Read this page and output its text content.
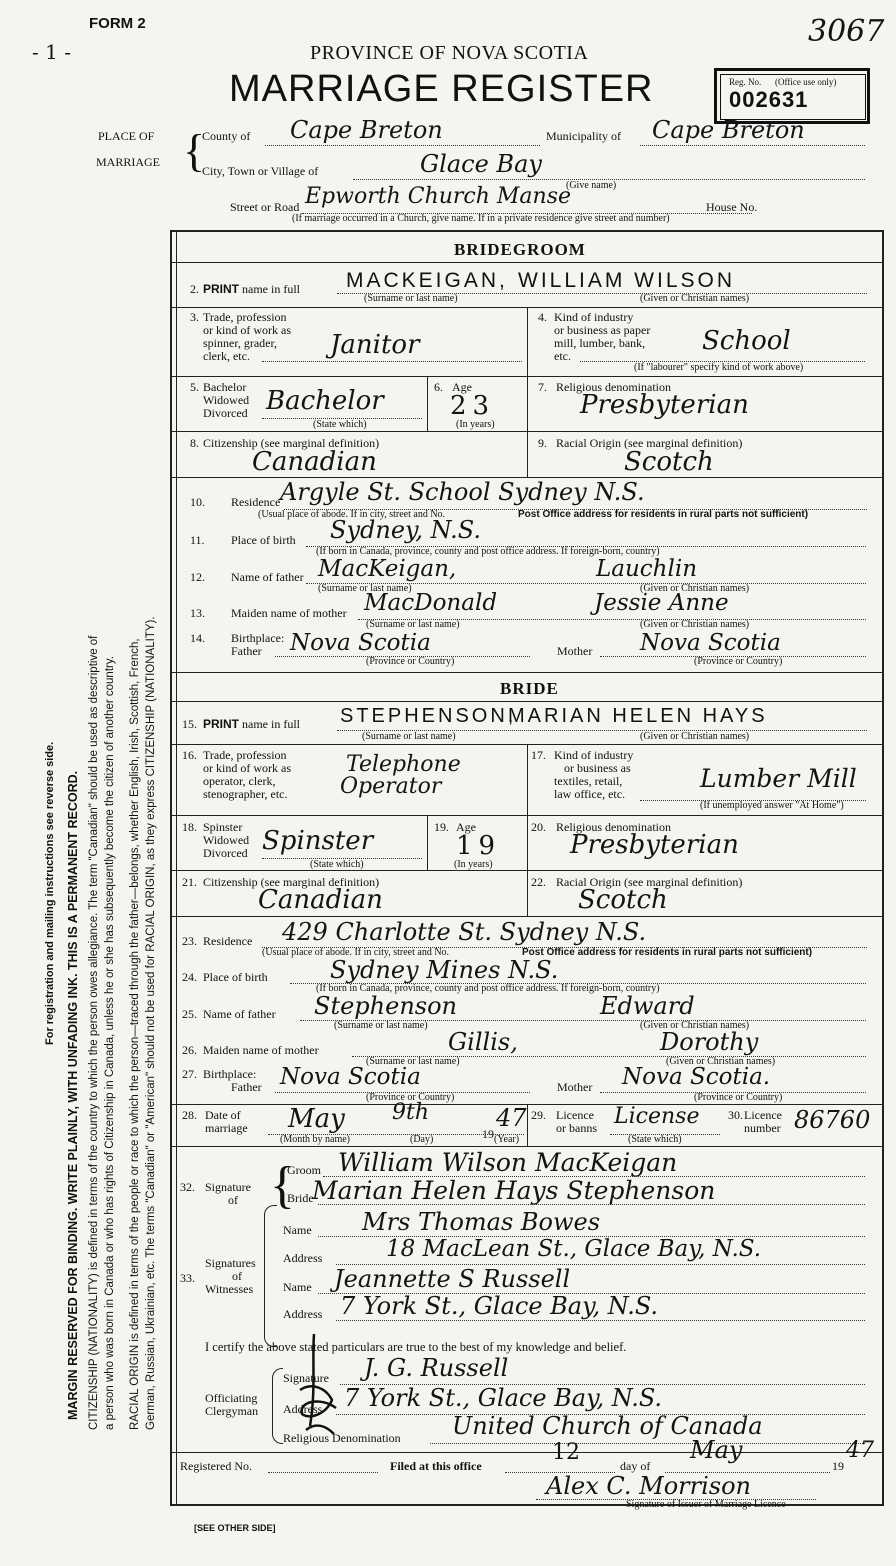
FORM 2
- 1 -
3067
PROVINCE OF NOVA SCOTIA
MARRIAGE REGISTER	Reg. No. (Office use only)
002631
PLACE OF
MARRIAGE {
County of Cape Breton	Municipality of Cape Breton
City, Town or Village of	Glace Bay
(Give name)
Street or Road Epworth Church Manse	House No.
(If marriage occurred in a Church, give name. If in a private residence give street and number)
For registration and mailing instructions see reverse side. MARGIN RESERVED FOR BINDING. WRITE PLAINLY, WITH UNFADING INK. THIS IS A PERMANENT RECORD. CITIZENSHIP (NATIONALITY) is defined in terms of the country to which the person owes allegiance. The term "Canadian" should be used as descriptive of a person who was born in Canada or who has rights of Citizenship in Canada, unless he or she has subsequently become the citizen of another country. RACIAL ORIGIN is defined in terms of the people or race to which the person—traced through the father—belongs, whether English, Irish, Scottish, French, German, Russian, Ukrainian, etc. The terms "Canadian" or "American" should not be used for RACIAL ORIGIN, as they express CITIZENSHIP (NATIONALITY).
BRIDEGROOM
2. PRINT name in full MACKEIGAN, WILLIAM WILSON
(Surname or last name)	(Given or Christian names)
3. Trade, profession
or kind of work as
spinner, grader,
clerk, etc.	Janitor
4. Kind of industry
or business as paper
mill, lumber, bank,
etc.	School
(If "labourer" specify kind of work above)
5. Bachelor
Widowed
Divorced Bachelor
(State which)
6. Age
23
(In years)
7. Religious denomination
Presbyterian
8. Citizenship (see marginal definition)
Canadian
9. Racial Origin (see marginal definition)
Scotch
10. Residence Argyle St. School Sydney N.S.
(Usual place of abode. If in city, street and No.	Post Office address for residents in rural parts not sufficient)
11. Place of birth Sydney, N.S.
(If born in Canada, province, county and post office address. If foreign-born, country)
12. Name of father MacKeigan,	Lauchlin
(Surname or last name)	(Given or Christian names)
13. Maiden name of mother MacDonald	Jessie Anne
(Surname or last name)	(Given or Christian names)
14. Birthplace:
Father Nova Scotia	Mother Nova Scotia
(Province or Country)	(Province or Country)
BRIDE
15. PRINT name in full STEPHENSON,
MARIAN HELEN HAYS
(Surname or last name)	(Given or Christian names)
16. Trade, profession
or kind of work as
operator, clerk,
stenographer, etc.
Telephone
Operator
17. Kind of industry
or business as
textiles, retail,
law office, etc.
Lumber Mill
(If unemployed answer "At Home")
18. Spinster
Widowed
Divorced Spinster
(State which)
19. Age
19
(In years)
20. Religious denomination
Presbyterian
21. Citizenship (see marginal definition)
Canadian
22. Racial Origin (see marginal definition)
Scotch
23. Residence 429 Charlotte St. Sydney N.S.
(Usual place of abode. If in city, street and No.	Post Office address for residents in rural parts not sufficient)
24. Place of birth	Sydney Mines N.S.
(If born in Canada, province, county and post office address. If foreign-born, country)
25. Name of father Stephenson	Edward
(Surname or last name)	(Given or Christian names)
26. Maiden name of mother	Gillis,	Dorothy
(Surname or last name)	(Given or Christian names)
27. Birthplace:
Father Nova Scotia	Mother Nova Scotia.
(Province or Country)	(Province or Country)
28. Date of
marriage May 9th
19
47
(Month by name)	(Day)	(Year)
29. Licence
or banns License
(State which)
30. Licence
number 86760
32. Signature
of {
Groom William Wilson MacKeigan
Bride
Marian Helen Hays Stephenson
33.
Signatures
of
Witnesses
Name Mrs Thomas Bowes
Address	18 MacLean St., Glace Bay, N.S.
Name Jeannette S Russell
Address 7 York St., Glace Bay, N.S.
I certify the above stated particulars are true to the best of my knowledge and belief.
Officiating
Clergyman
Signature J. G. Russell
Address 7 York St., Glace Bay, N.S.
Religious Denomination United Church of Canada
Registered No.	Filed at this office
12
day of
May
19
47
Alex C. Morrison
Signature of Issuer of Marriage Licence
[SEE OTHER SIDE]
